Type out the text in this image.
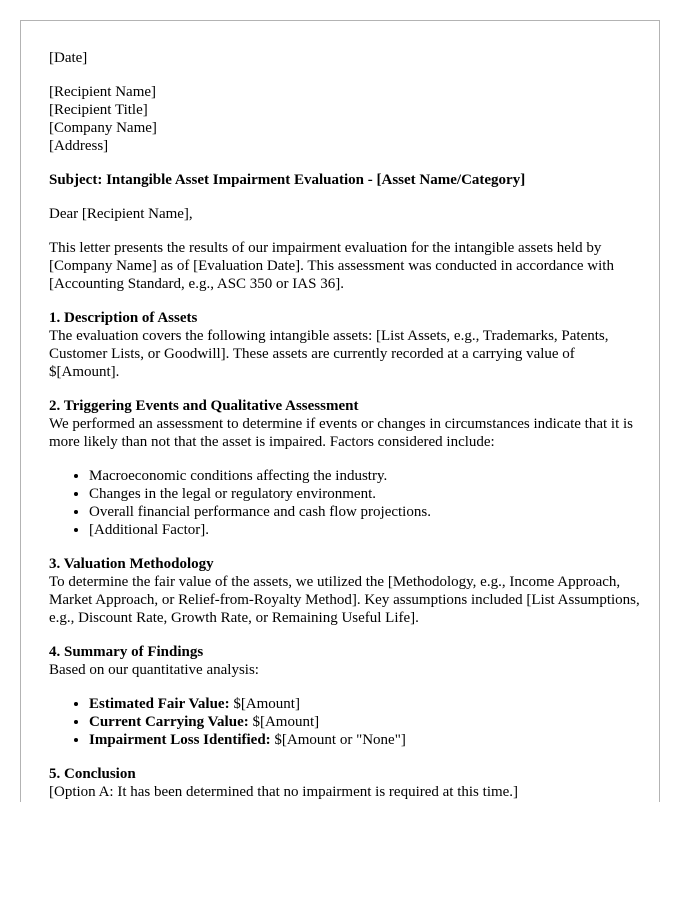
[Date]

[Recipient Name]

[Recipient Title]

[Company Name]

[Address]

Subject: Intangible Asset Impairment Evaluation - [Asset Name/Category]

Dear [Recipient Name],

This letter presents the results of our impairment evaluation for the intangible assets held by [Company Name] as of [Evaluation Date]. This assessment was conducted in accordance with [Accounting Standard, e.g., ASC 350 or IAS 36].

1. Description of Assets

The evaluation covers the following intangible assets: [List Assets, e.g., Trademarks, Patents, Customer Lists, or Goodwill]. These assets are currently recorded at a carrying value of $[Amount].

2. Triggering Events and Qualitative Assessment

We performed an assessment to determine if events or changes in circumstances indicate that it is more likely than not that the asset is impaired. Factors considered include:

• Macroeconomic conditions affecting the industry.
• Changes in the legal or regulatory environment.
• Overall financial performance and cash flow projections.
• [Additional Factor].
3. Valuation Methodology

To determine the fair value of the assets, we utilized the [Methodology, e.g., Income Approach, Market Approach, or Relief-from-Royalty Method]. Key assumptions included [List Assumptions, e.g., Discount Rate, Growth Rate, or Remaining Useful Life].

4. Summary of Findings

Based on our quantitative analysis:

• Estimated Fair Value: $[Amount]
• Current Carrying Value: $[Amount]
• Impairment Loss Identified: $[Amount or "None"]
5. Conclusion

[Option A: It has been determined that no impairment is required at this time.]
